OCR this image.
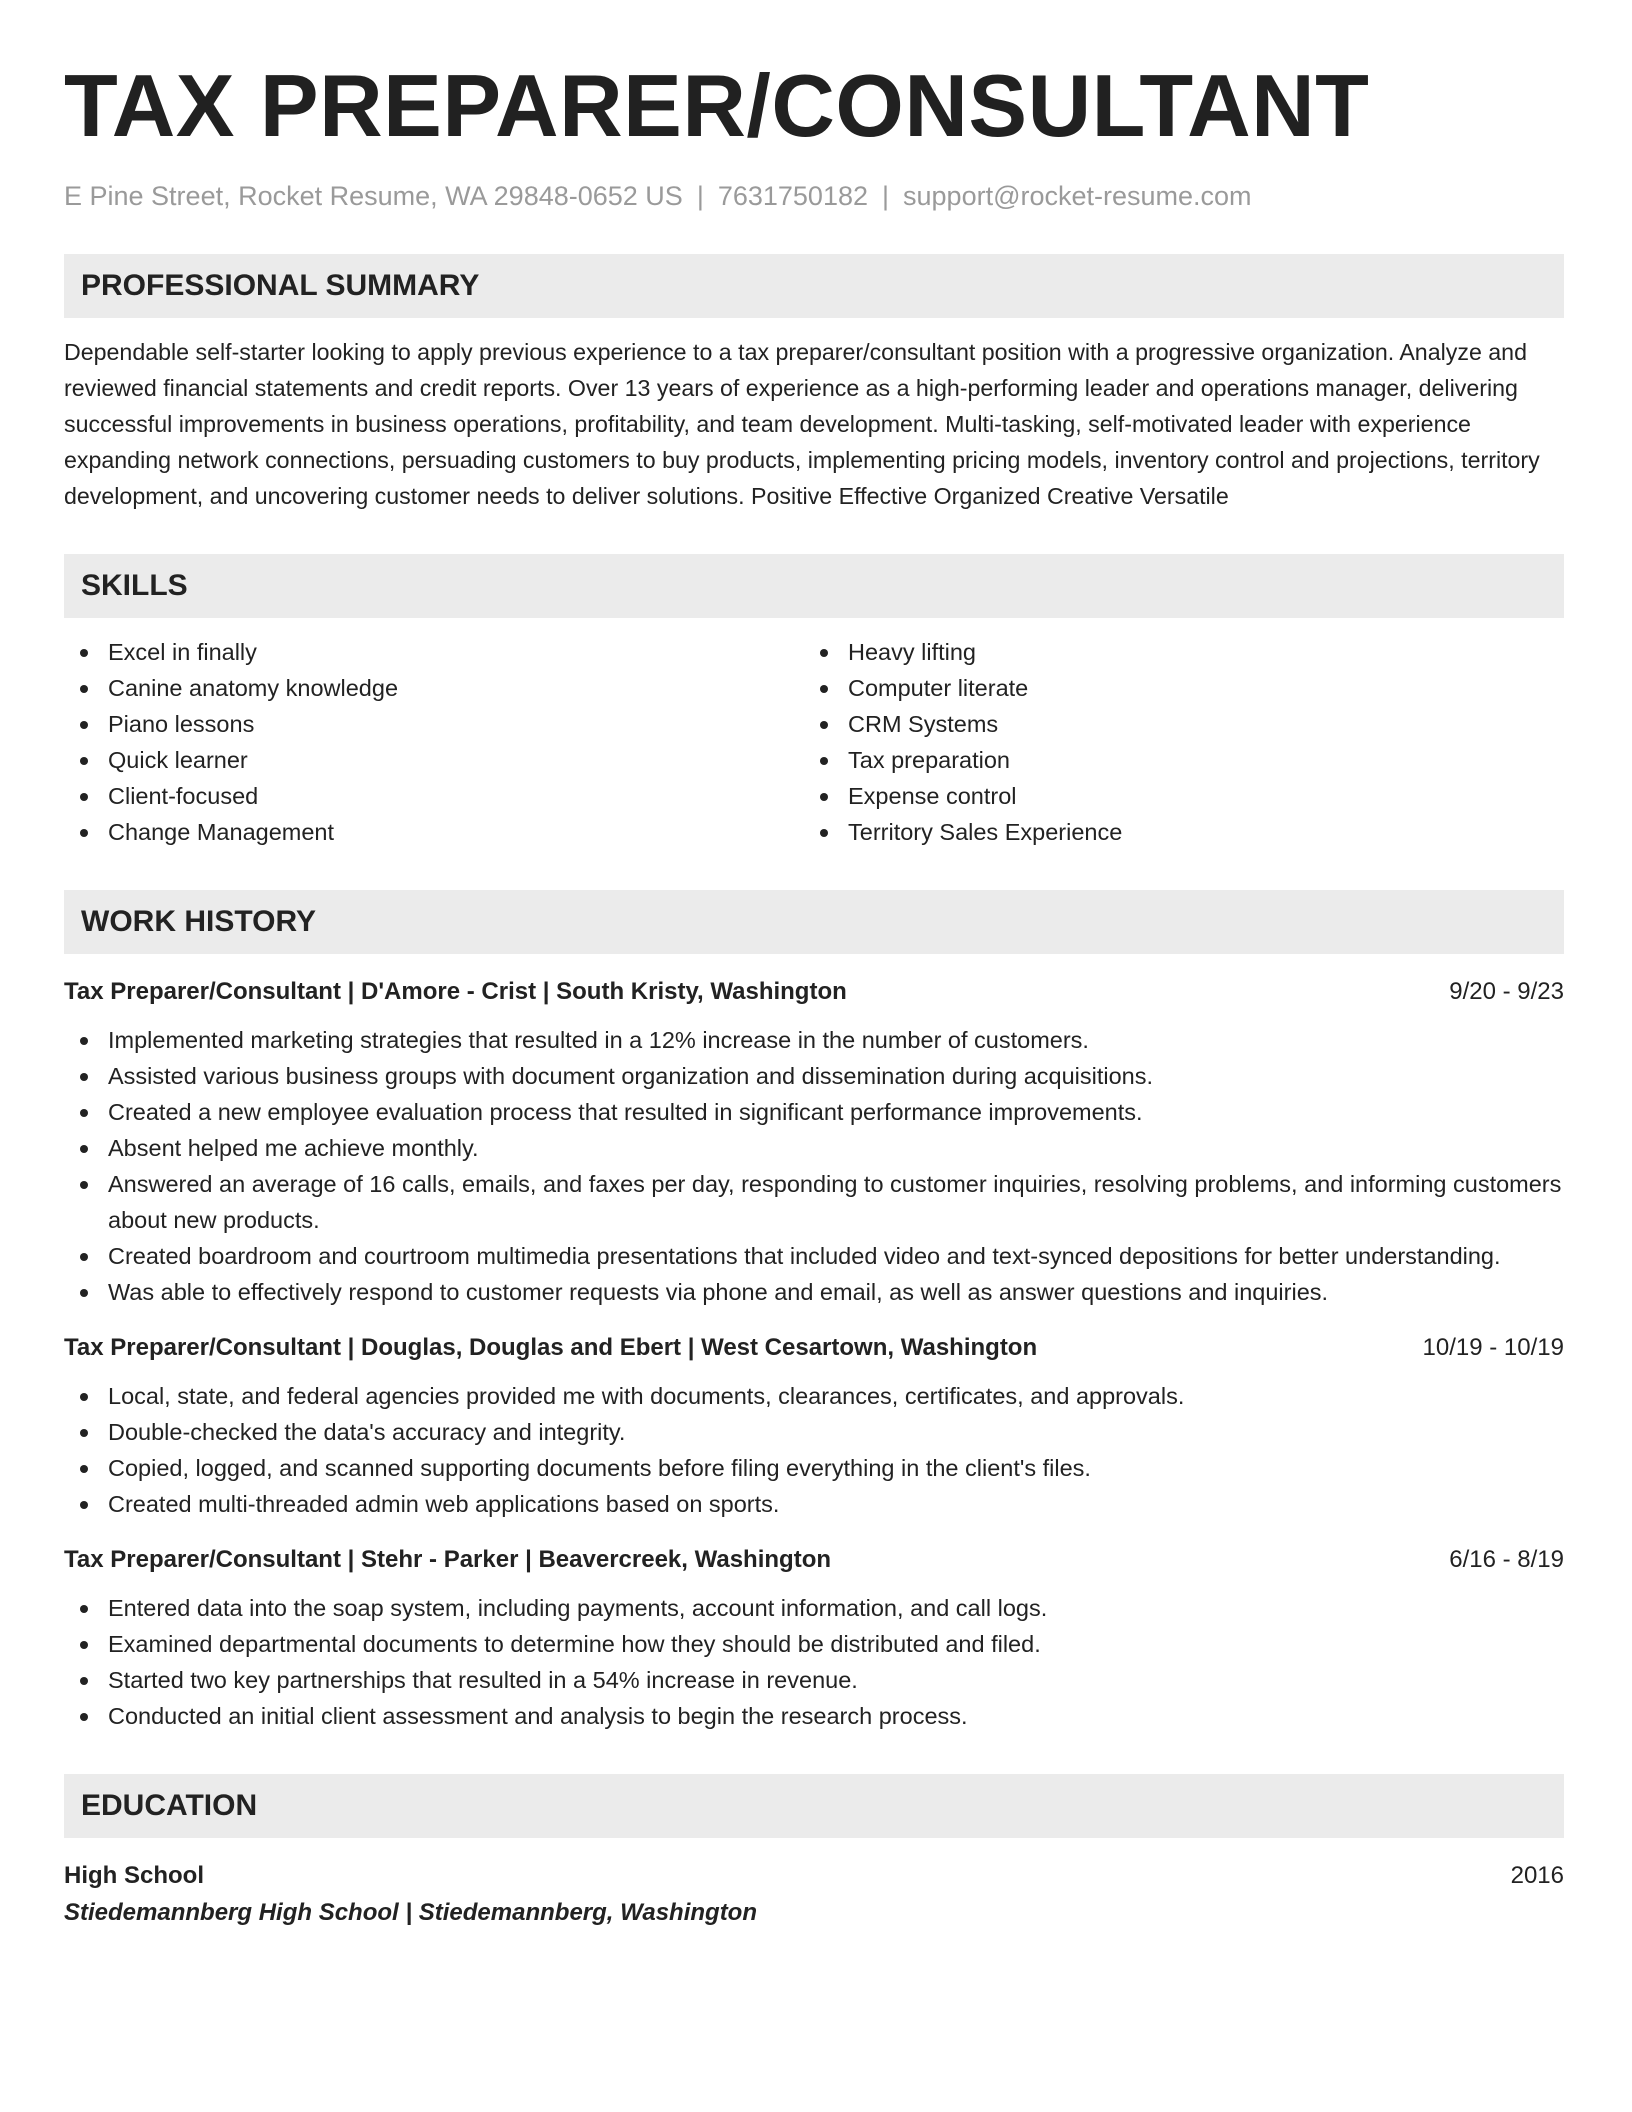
TAX PREPARER/CONSULTANT
E Pine Street, Rocket Resume, WA 29848-0652 US | 7631750182 | support@rocket-resume.com
PROFESSIONAL SUMMARY
Dependable self-starter looking to apply previous experience to a tax preparer/consultant position with a progressive organization. Analyze and reviewed financial statements and credit reports. Over 13 years of experience as a high-performing leader and operations manager, delivering successful improvements in business operations, profitability, and team development. Multi-tasking, self-motivated leader with experience expanding network connections, persuading customers to buy products, implementing pricing models, inventory control and projections, territory development, and uncovering customer needs to deliver solutions. Positive Effective Organized Creative Versatile
SKILLS
Excel in finally
Canine anatomy knowledge
Piano lessons
Quick learner
Client-focused
Change Management
Heavy lifting
Computer literate
CRM Systems
Tax preparation
Expense control
Territory Sales Experience
WORK HISTORY
Tax Preparer/Consultant | D'Amore - Crist | South Kristy, Washington	9/20 - 9/23
Implemented marketing strategies that resulted in a 12% increase in the number of customers.
Assisted various business groups with document organization and dissemination during acquisitions.
Created a new employee evaluation process that resulted in significant performance improvements.
Absent helped me achieve monthly.
Answered an average of 16 calls, emails, and faxes per day, responding to customer inquiries, resolving problems, and informing customers about new products.
Created boardroom and courtroom multimedia presentations that included video and text-synced depositions for better understanding.
Was able to effectively respond to customer requests via phone and email, as well as answer questions and inquiries.
Tax Preparer/Consultant | Douglas, Douglas and Ebert | West Cesartown, Washington	10/19 - 10/19
Local, state, and federal agencies provided me with documents, clearances, certificates, and approvals.
Double-checked the data's accuracy and integrity.
Copied, logged, and scanned supporting documents before filing everything in the client's files.
Created multi-threaded admin web applications based on sports.
Tax Preparer/Consultant | Stehr - Parker | Beavercreek, Washington	6/16 - 8/19
Entered data into the soap system, including payments, account information, and call logs.
Examined departmental documents to determine how they should be distributed and filed.
Started two key partnerships that resulted in a 54% increase in revenue.
Conducted an initial client assessment and analysis to begin the research process.
EDUCATION
High School	2016
Stiedemannberg High School | Stiedemannberg, Washington
